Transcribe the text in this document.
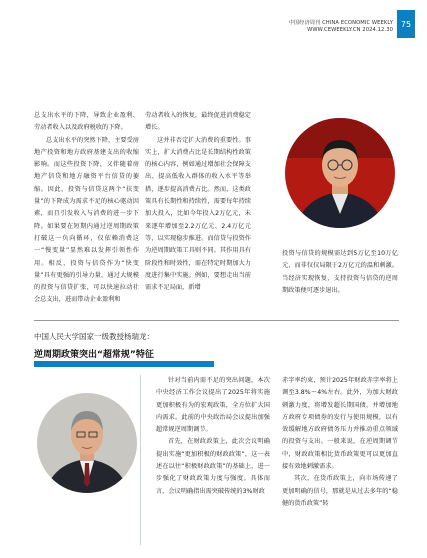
中国经济周刊 CHINA ECONOMIC WEEKLY
WWW.CEWEEKLY.CN 2024.12.30
75

总支出水平的下降，导致企业盈利、劳动者收入以及政府税收的下降。

总支出水平的突然下降，主要受房地产投资和地方政府基建支出的收缩影响。而这些投资下降，又伴随着房地产信贷和地方融资平台信贷的萎缩。因此，投资与信贷这两个“扶变量”的下降成为需求不足的核心驱动因素，而且引发收入与消费的进一步下降。如果要在短期内通过逆周期政策打破这一负向循环，仅依赖消费这一“慢变量”显然难以发挥引领性作用。相反，投资与信贷作为“快变量”具有更强的引导力量，通过大规模的投资与信贷扩张，可以快速拉动社会总支出，进而带动企业盈利和

劳动者收入的恢复，最终促进消费稳定增长。

这并非否定扩大消费的重要性。事实上，扩大消费占比是长期结构性政策的核心内容，例如通过增加社会保障支出、提高低收入群体的收入水平等举措，逐步提高消费占比。然而，这类政策具有长期性和持续性，需要每年持续加大投入，比如今年投入2万亿元，未来逐年增加至2.2万亿元、2.4万亿元等，以实现稳步推进。而信贷与投资作为逆周期政策工具则不同。其作用具有阶段性和时效性，需在特定时期加大力度进行集中实施。例如，要想走出当前需求不足局面，新增

投资与信贷的规模需达到5万亿至10万亿元，而非仅仅局限于2万亿元的温和刺激。当经济实现恢复，支持投资与信贷的逆周期政策便可逐步退出。

中国人民大学国家一级教授杨瑞龙：
逆周期政策突出“超常规”特征

针对当前内需不足的突出问题，本次中央经济工作会议提出了2025年将实施更加积极有为的宏观政策，全方位扩大国内需求。此前的中央政治局会议提出加强超常规逆周期调节。

首先，在财政政策上，此次会议明确提出实施“更加积极的财政政策”，这一表述在以往“积极财政政策”的基础上，进一步强化了财政政策力度与强度。具体而言，会议明确指出需突破传统的3%财政

赤字率约束，预计2025年财政赤字率将上调至3.8%～4%左右。此外，为加大财政刺激力度，将增发超长期国债，并增加地方政府专项债券的发行与使用规模，以有效缓解地方政府债务压力并推动重点领域的投资与支出。一般来说，在逆周期调节中，财政政策相比货币政策更可以更加直接有效地刺激需求。

其次，在货币政策上，向市场传递了更加明确的信号，那就是从过去多年的“稳健的货币政策”转
